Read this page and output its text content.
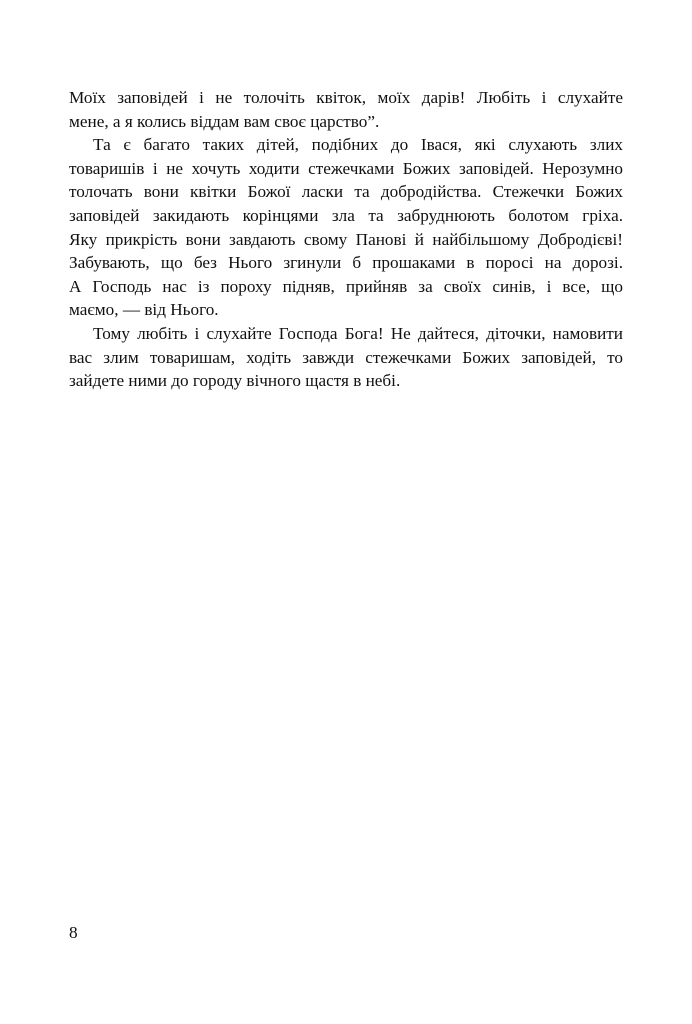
Моїх заповідей і не толочіть квіток, моїх дарів! Любіть і слухайте
мене, а я колись віддам вам своє царство”.
Та є багато таких дітей, подібних до Івася, які слухають злих
товаришів і не хочуть ходити стежечками Божих заповідей. Нерозумно
толочать вони квітки Божої ласки та добродійства. Стежечки Божих
заповідей закидають корінцями зла та забруднюють болотом гріха.
Яку прикрість вони завдають свому Панові й найбільшому Добродієві!
Забувають, що без Нього згинули б прошаками в поросі на дорозі.
А Господь нас із пороху підняв, прийняв за своїх синів, і все, що
маємо, — від Нього.
Тому любіть і слухайте Господа Бога! Не дайтеся, діточки, намовити
вас злим товаришам, ходіть завжди стежечками Божих заповідей, то
зайдете ними до городу вічного щастя в небі.
8
